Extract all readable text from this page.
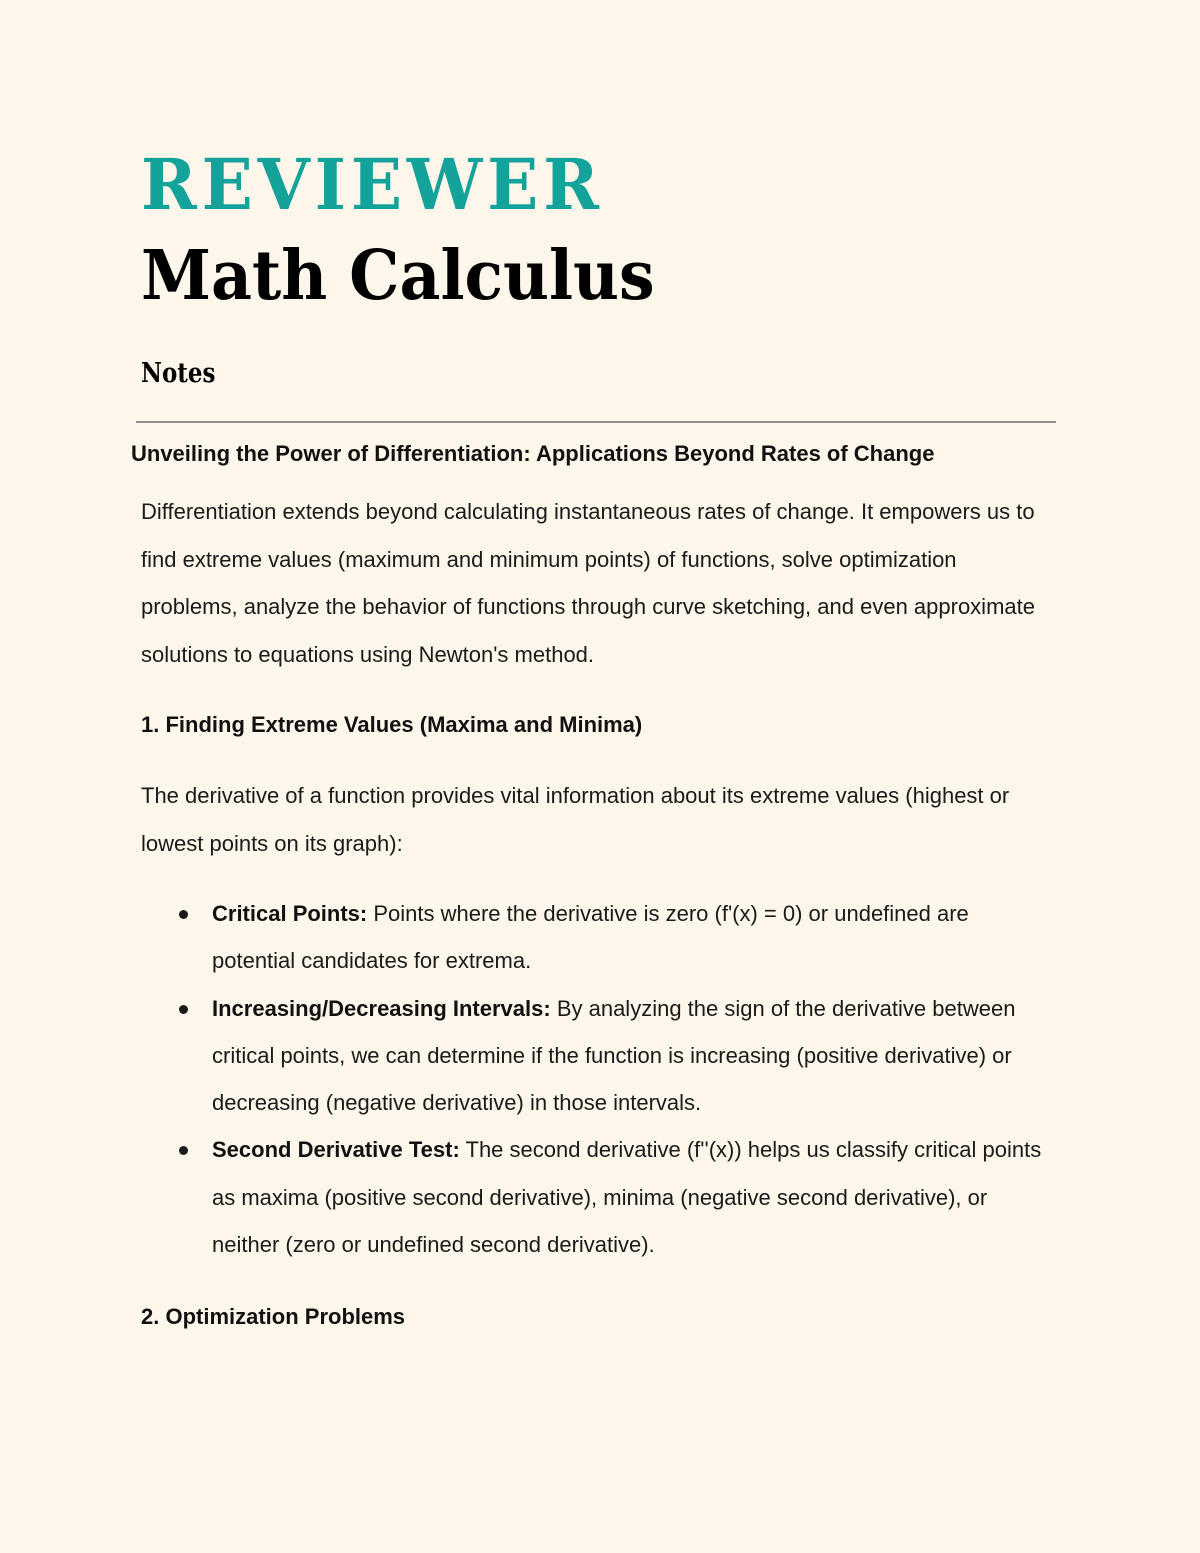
REVIEWER
Math Calculus
Notes
Unveiling the Power of Differentiation: Applications Beyond Rates of Change

Differentiation extends beyond calculating instantaneous rates of change. It empowers us to find extreme values (maximum and minimum points) of functions, solve optimization problems, analyze the behavior of functions through curve sketching, and even approximate solutions to equations using Newton's method.

1. Finding Extreme Values (Maxima and Minima)

The derivative of a function provides vital information about its extreme values (highest or lowest points on its graph):

Critical Points: Points where the derivative is zero (f'(x) = 0) or undefined are potential candidates for extrema.
Increasing/Decreasing Intervals: By analyzing the sign of the derivative between critical points, we can determine if the function is increasing (positive derivative) or decreasing (negative derivative) in those intervals.
Second Derivative Test: The second derivative (f''(x)) helps us classify critical points as maxima (positive second derivative), minima (negative second derivative), or neither (zero or undefined second derivative).
2. Optimization Problems
